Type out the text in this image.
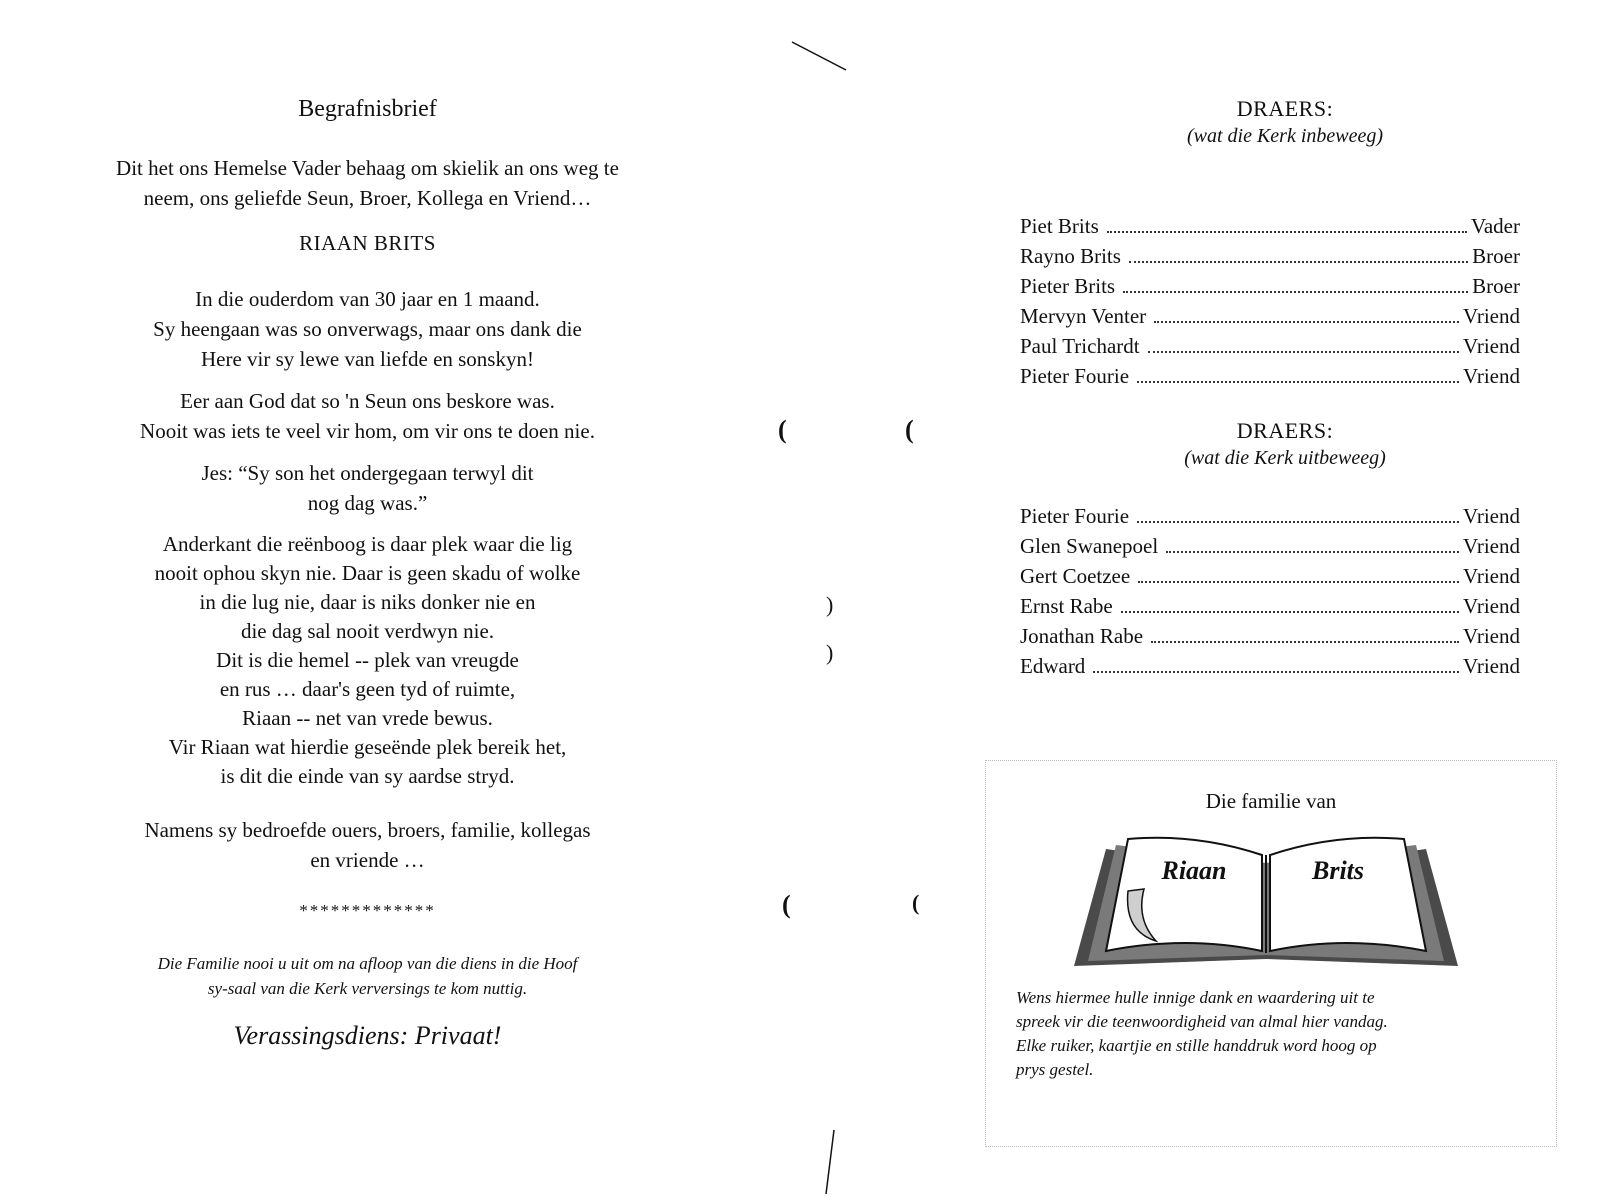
Begrafnisbrief
Dit het ons Hemelse Vader behaag om skielik an ons weg te
neem, ons geliefde Seun, Broer, Kollega en Vriend…
RIAAN BRITS
In die ouderdom van 30 jaar en 1 maand.
Sy heengaan was so onverwags, maar ons dank die
Here vir sy lewe van liefde en sonskyn!
Eer aan God dat so 'n Seun ons beskore was.
Nooit was iets te veel vir hom, om vir ons te doen nie.
Jes: “Sy son het ondergegaan terwyl dit
nog dag was.”
Anderkant die reënboog is daar plek waar die lig
nooit ophou skyn nie. Daar is geen skadu of wolke
in die lug nie, daar is niks donker nie en
die dag sal nooit verdwyn nie.
Dit is die hemel -- plek van vreugde
en rus … daar's geen tyd of ruimte,
Riaan -- net van vrede bewus.
Vir Riaan wat hierdie geseënde plek bereik het,
is dit die einde van sy aardse stryd.
Namens sy bedroefde ouers, broers, familie, kollegas
en vriende …
*************
Die Familie nooi u uit om na afloop van die diens in die Hoof
sy-saal van die Kerk verversings te kom nuttig.
Verassingsdiens: Privaat!
(	(
)
)
(	(
DRAERS:
(wat die Kerk inbeweeg)
Piet Brits	Vader
Rayno Brits	Broer
Pieter Brits	Broer
Mervyn Venter	Vriend
Paul Trichardt	Vriend
Pieter Fourie	Vriend
DRAERS:
(wat die Kerk uitbeweeg)
Pieter Fourie	Vriend
Glen Swanepoel	Vriend
Gert Coetzee	Vriend
Ernst Rabe	Vriend
Jonathan Rabe	Vriend
Edward	Vriend
Die familie van
Riaan	Brits
Wens hiermee hulle innige dank en waardering uit te
spreek vir die teenwoordigheid van almal hier vandag.
Elke ruiker, kaartjie en stille handdruk word hoog op
prys gestel.
